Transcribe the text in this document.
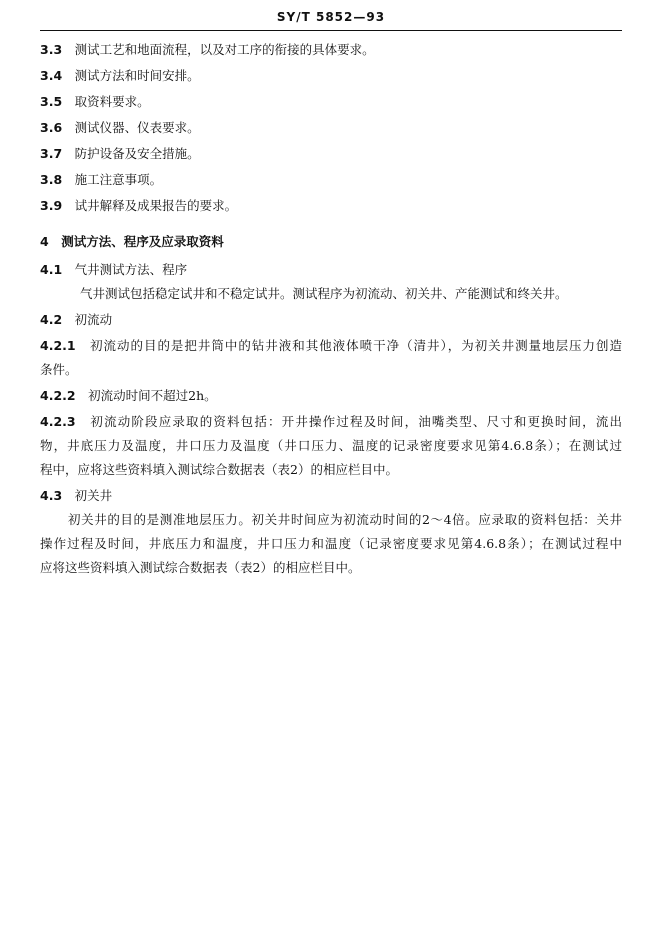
SY/T 5852—93
3.3　 测试工艺和地面流程，以及对工序的衔接的具体要求。
3.4　 测试方法和时间安排。
3.5　 取资料要求。
3.6　 测试仪器、仪表要求。
3.7　 防护设备及安全措施。
3.8　 施工注意事项。
3.9　 试井解释及成果报告的要求。
4　 测试方法、程序及应录取资料
4.1　 气井测试方法、程序
气井测试包括稳定试井和不稳定试井。测试程序为初流动、初关井、产能测试和终关井。
4.2　 初流动
4.2.1　 初流动的目的是把井筒中的钻井液和其他液体喷干净（清井），为初关井测量地层压力创造
条件。
4.2.2　 初流动时间不超过2h。
4.2.3　 初流动阶段应录取的资料包括：开井操作过程及时间，油嘴类型、尺寸和更换时间，流出
物，井底压力及温度，井口压力及温度（井口压力、温度的记录密度要求见第4.6.8条）；在测试过
程中，应将这些资料填入测试综合数据表（表2）的相应栏目中。
4.3　 初关井
初关井的目的是测准地层压力。初关井时间应为初流动时间的2～4倍。应录取的资料包括：关井
操作过程及时间，井底压力和温度，井口压力和温度（记录密度要求见第4.6.8条）；在测试过程中
应将这些资料填入测试综合数据表（表2）的相应栏目中。
